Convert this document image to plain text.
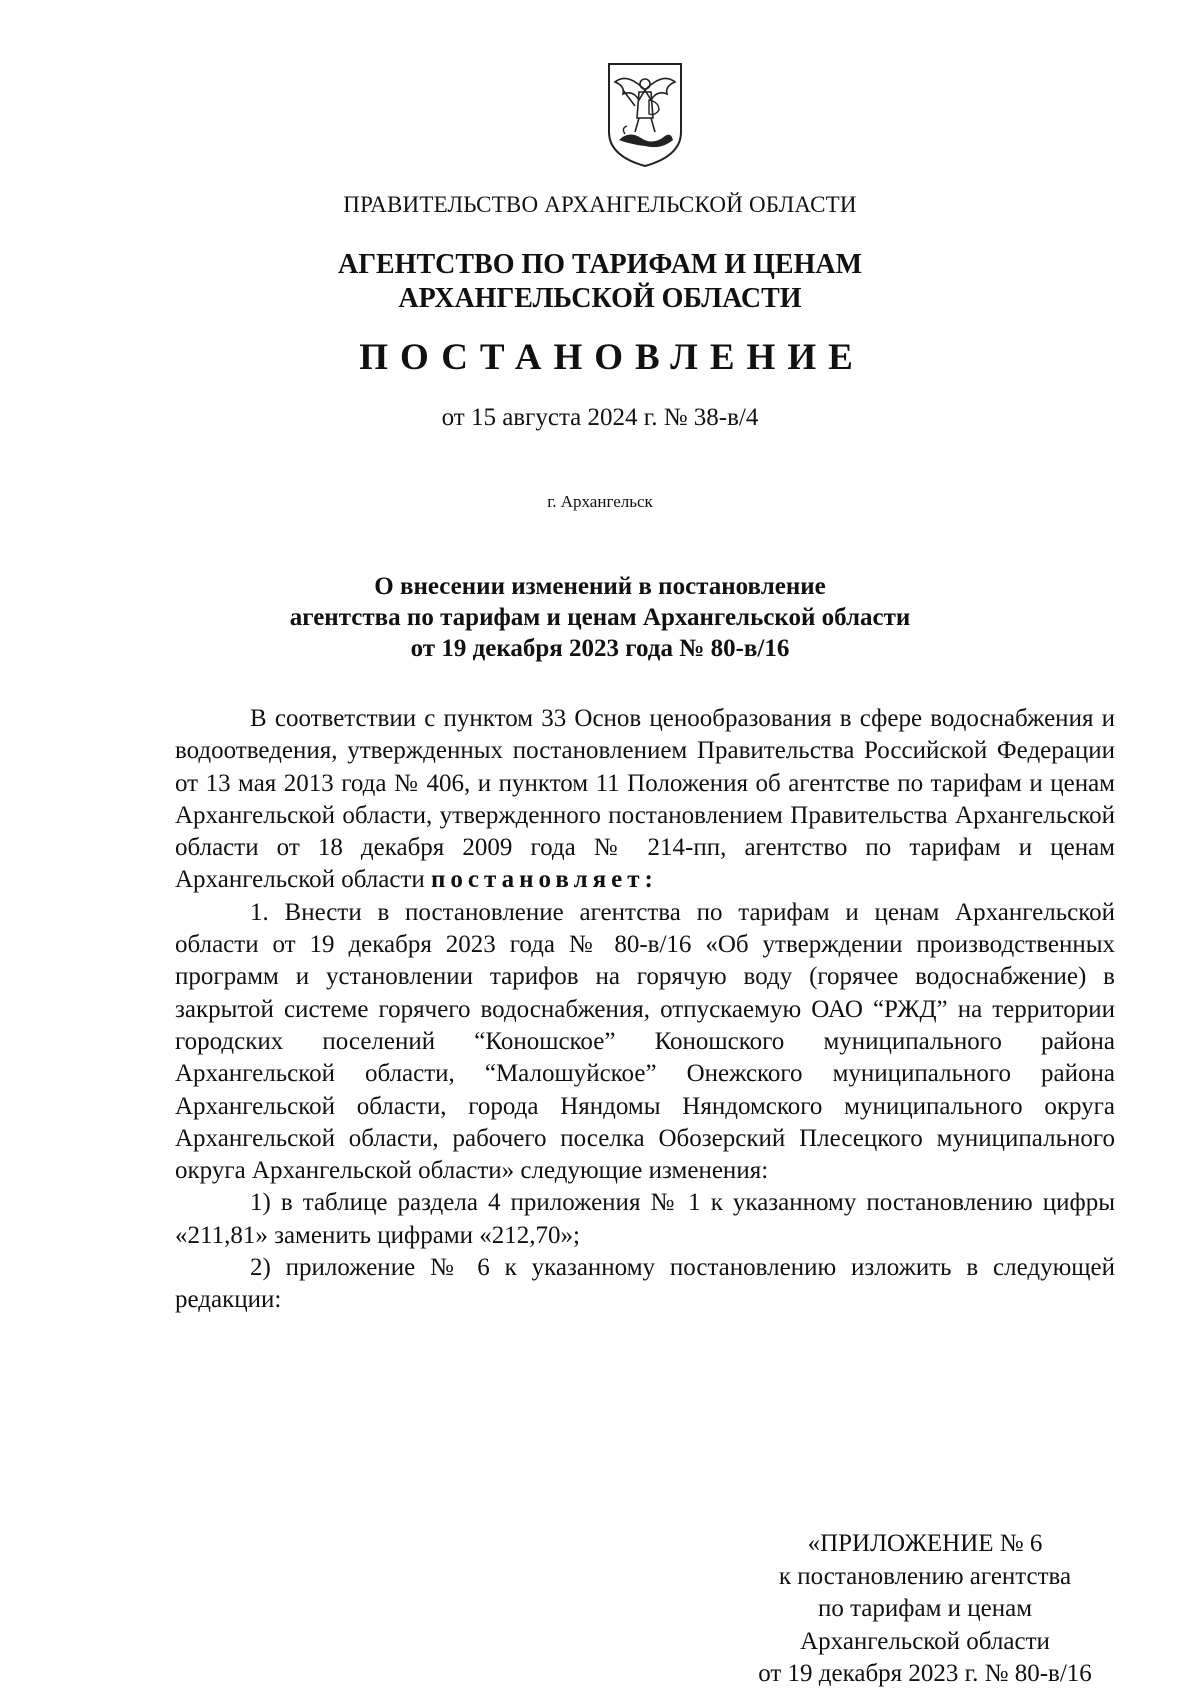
ПРАВИТЕЛЬСТВО АРХАНГЕЛЬСКОЙ ОБЛАСТИ
АГЕНТСТВО ПО ТАРИФАМ И ЦЕНАМ
АРХАНГЕЛЬСКОЙ ОБЛАСТИ
ПОСТАНОВЛЕНИЕ
от 15 августа 2024 г. № 38-в/4
г. Архангельск
О внесении изменений в постановление
агентства по тарифам и ценам Архангельской области
от 19 декабря 2023 года № 80-в/16

В соответствии с пунктом 33 Основ ценообразования в сфере водоснабжения и водоотведения, утвержденных постановлением Правительства Российской Федерации от 13 мая 2013 года № 406, и пунктом 11 Положения об агентстве по тарифам и ценам Архангельской области, утвержденного постановлением Правительства Архангельской области от 18 декабря 2009 года № 214-пп, агентство по тарифам и ценам Архангельской области постановляет:

1. Внести в постановление агентства по тарифам и ценам Архангельской области от 19 декабря 2023 года № 80-в/16 «Об утверждении производственных программ и установлении тарифов на горячую воду (горячее водоснабжение) в закрытой системе горячего водоснабжения, отпускаемую ОАО “РЖД” на территории городских поселений “Коношское” Коношского муниципального района Архангельской области, “Малошуйское” Онежского муниципального района Архангельской области, города Няндомы Няндомского муниципального округа Архангельской области, рабочего поселка Обозерский Плесецкого муниципального округа Архангельской области» следующие изменения:

1) в таблице раздела 4 приложения № 1 к указанному постановлению цифры «211,81» заменить цифрами «212,70»;

2) приложение № 6 к указанному постановлению изложить в следующей редакции:

«ПРИЛОЖЕНИЕ № 6
к постановлению агентства
по тарифам и ценам
Архангельской области
от 19 декабря 2023 г. № 80-в/16
